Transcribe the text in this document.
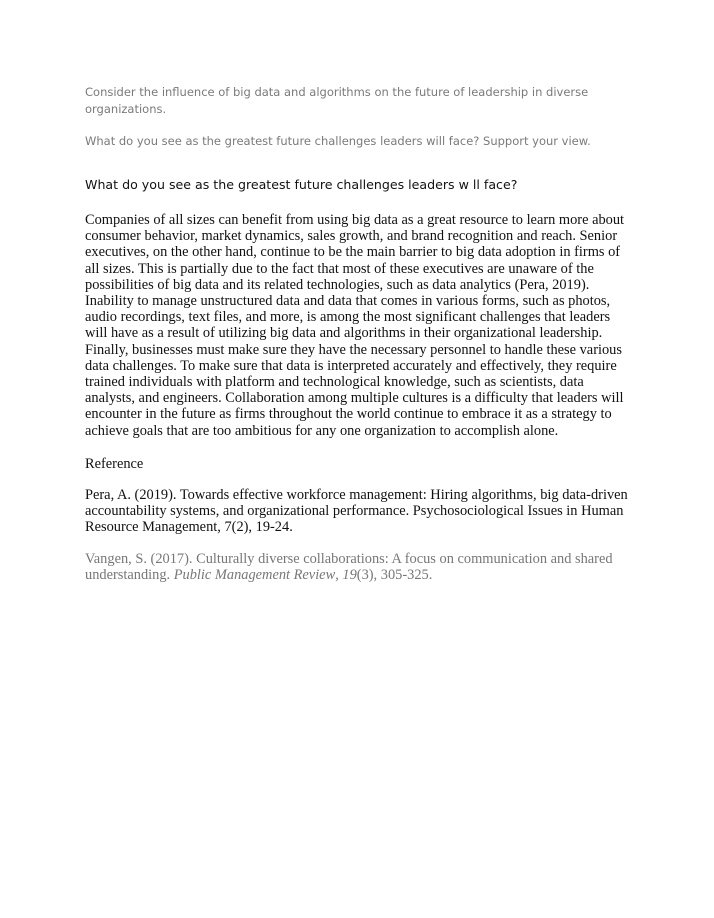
Consider the influence of big data and algorithms on the future of leadership in diverse organizations.

What do you see as the greatest future challenges leaders will face? Support your view.

What do you see as the greatest future challenges leaders w ll face?

Companies of all sizes can benefit from using big data as a great resource to learn more about consumer behavior, market dynamics, sales growth, and brand recognition and reach. Senior executives, on the other hand, continue to be the main barrier to big data adoption in firms of all sizes. This is partially due to the fact that most of these executives are unaware of the possibilities of big data and its related technologies, such as data analytics (Pera, 2019). Inability to manage unstructured data and data that comes in various forms, such as photos, audio recordings, text files, and more, is among the most significant challenges that leaders will have as a result of utilizing big data and algorithms in their organizational leadership. Finally, businesses must make sure they have the necessary personnel to handle these various data challenges. To make sure that data is interpreted accurately and effectively, they require trained individuals with platform and technological knowledge, such as scientists, data analysts, and engineers. Collaboration among multiple cultures is a difficulty that leaders will encounter in the future as firms throughout the world continue to embrace it as a strategy to achieve goals that are too ambitious for any one organization to accomplish alone.

Reference

Pera, A. (2019). Towards effective workforce management: Hiring algorithms, big data-driven accountability systems, and organizational performance. Psychosociological Issues in Human Resource Management, 7(2), 19-24.

Vangen, S. (2017). Culturally diverse collaborations: A focus on communication and shared understanding. Public Management Review, 19(3), 305-325.
